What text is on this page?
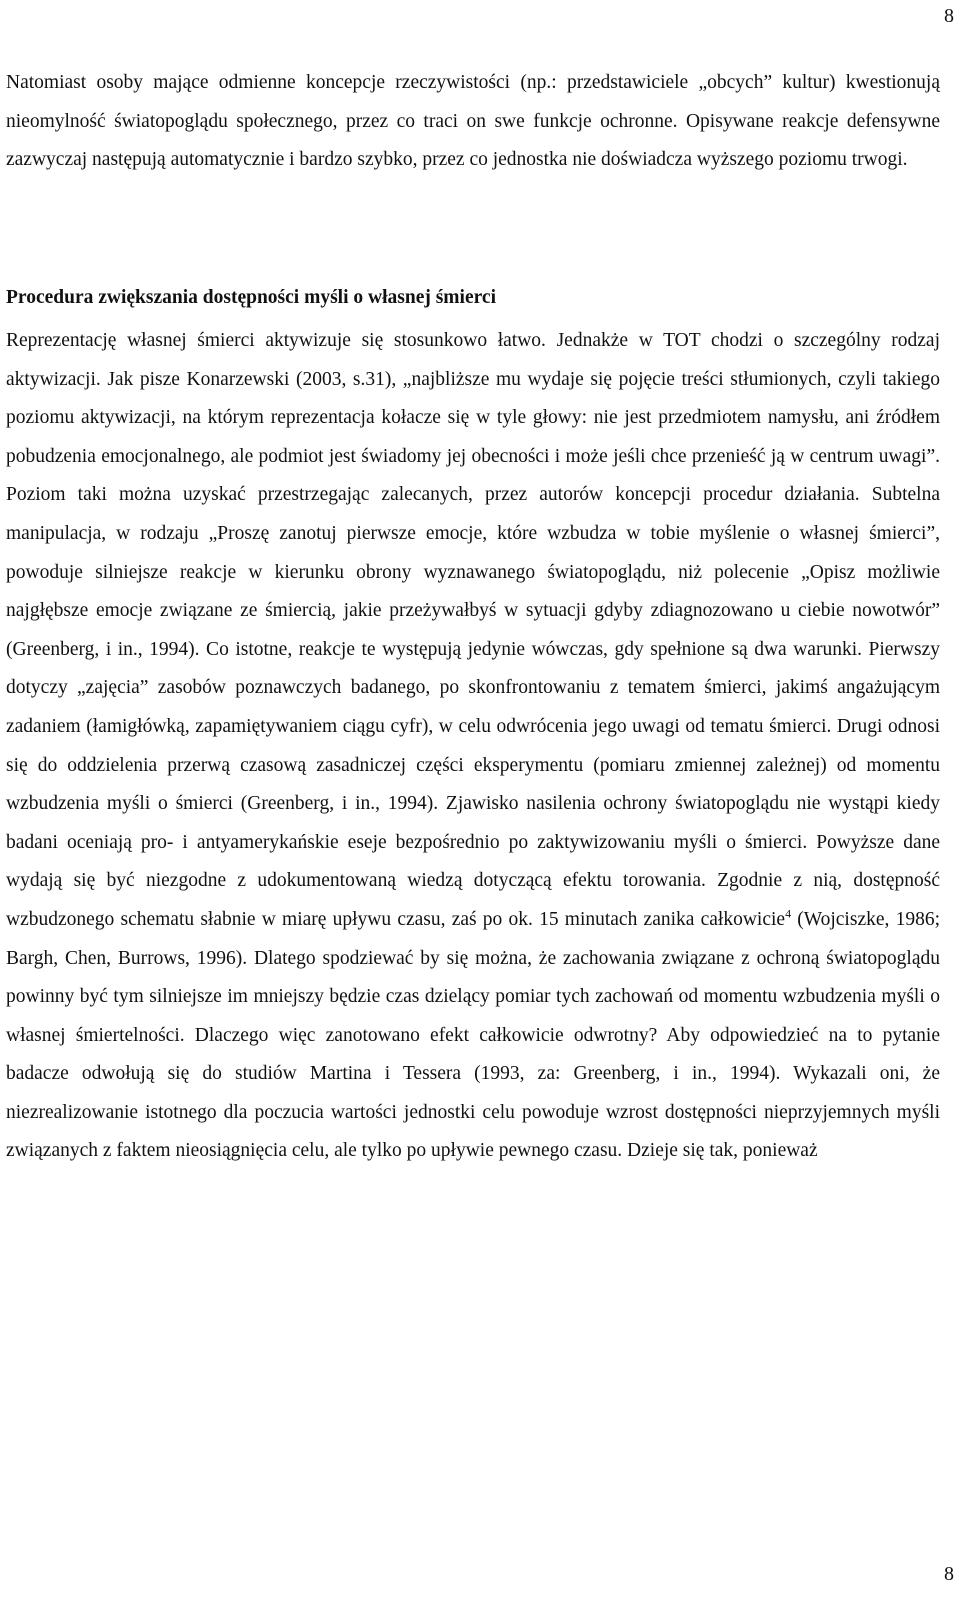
8

Natomiast osoby mające odmienne koncepcje rzeczywistości (np.: przedstawiciele „obcych” kultur) kwestionują nieomylność światopoglądu społecznego, przez co traci on swe funkcje ochronne. Opisywane reakcje defensywne zazwyczaj następują automatycznie i bardzo szybko, przez co jednostka nie doświadcza wyższego poziomu trwogi.

Procedura zwiększania dostępności myśli o własnej śmierci

Reprezentację własnej śmierci aktywizuje się stosunkowo łatwo. Jednakże w TOT chodzi o szczególny rodzaj aktywizacji. Jak pisze Konarzewski (2003, s.31), „najbliższe mu wydaje się pojęcie treści stłumionych, czyli takiego poziomu aktywizacji, na którym reprezentacja kołacze się w tyle głowy: nie jest przedmiotem namysłu, ani źródłem pobudzenia emocjonalnego, ale podmiot jest świadomy jej obecności i może jeśli chce przenieść ją w centrum uwagi”. Poziom taki można uzyskać przestrzegając zalecanych, przez autorów koncepcji procedur działania. Subtelna manipulacja, w rodzaju „Proszę zanotuj pierwsze emocje, które wzbudza w tobie myślenie o własnej śmierci”, powoduje silniejsze reakcje w kierunku obrony wyznawanego światopoglądu, niż polecenie „Opisz możliwie najgłębsze emocje związane ze śmiercią, jakie przeżywałbyś w sytuacji gdyby zdiagnozowano u ciebie nowotwór” (Greenberg, i in., 1994). Co istotne, reakcje te występują jedynie wówczas, gdy spełnione są dwa warunki. Pierwszy dotyczy „zajęcia” zasobów poznawczych badanego, po skonfrontowaniu z tematem śmierci, jakimś angażującym zadaniem (łamigłówką, zapamiętywaniem ciągu cyfr), w celu odwrócenia jego uwagi od tematu śmierci. Drugi odnosi się do oddzielenia przerwą czasową zasadniczej części eksperymentu (pomiaru zmiennej zależnej) od momentu wzbudzenia myśli o śmierci (Greenberg, i in., 1994). Zjawisko nasilenia ochrony światopoglądu nie wystąpi kiedy badani oceniają pro- i antyamerykańskie eseje bezpośrednio po zaktywizowaniu myśli o śmierci. Powyższe dane wydają się być niezgodne z udokumentowaną wiedzą dotyczącą efektu torowania. Zgodnie z nią, dostępność wzbudzonego schematu słabnie w miarę upływu czasu, zaś po ok. 15 minutach zanika całkowicie$^4$ (Wojciszke, 1986; Bargh, Chen, Burrows, 1996). Dlatego spodziewać by się można, że zachowania związane z ochroną światopoglądu powinny być tym silniejsze im mniejszy będzie czas dzielący pomiar tych zachowań od momentu wzbudzenia myśli o własnej śmiertelności. Dlaczego więc zanotowano efekt całkowicie odwrotny? Aby odpowiedzieć na to pytanie badacze odwołują się do studiów Martina i Tessera (1993, za: Greenberg, i in., 1994). Wykazali oni, że niezrealizowanie istotnego dla poczucia wartości jednostki celu powoduje wzrost dostępności nieprzyjemnych myśli związanych z faktem nieosiągnięcia celu, ale tylko po upływie pewnego czasu. Dzieje się tak, ponieważ

8
